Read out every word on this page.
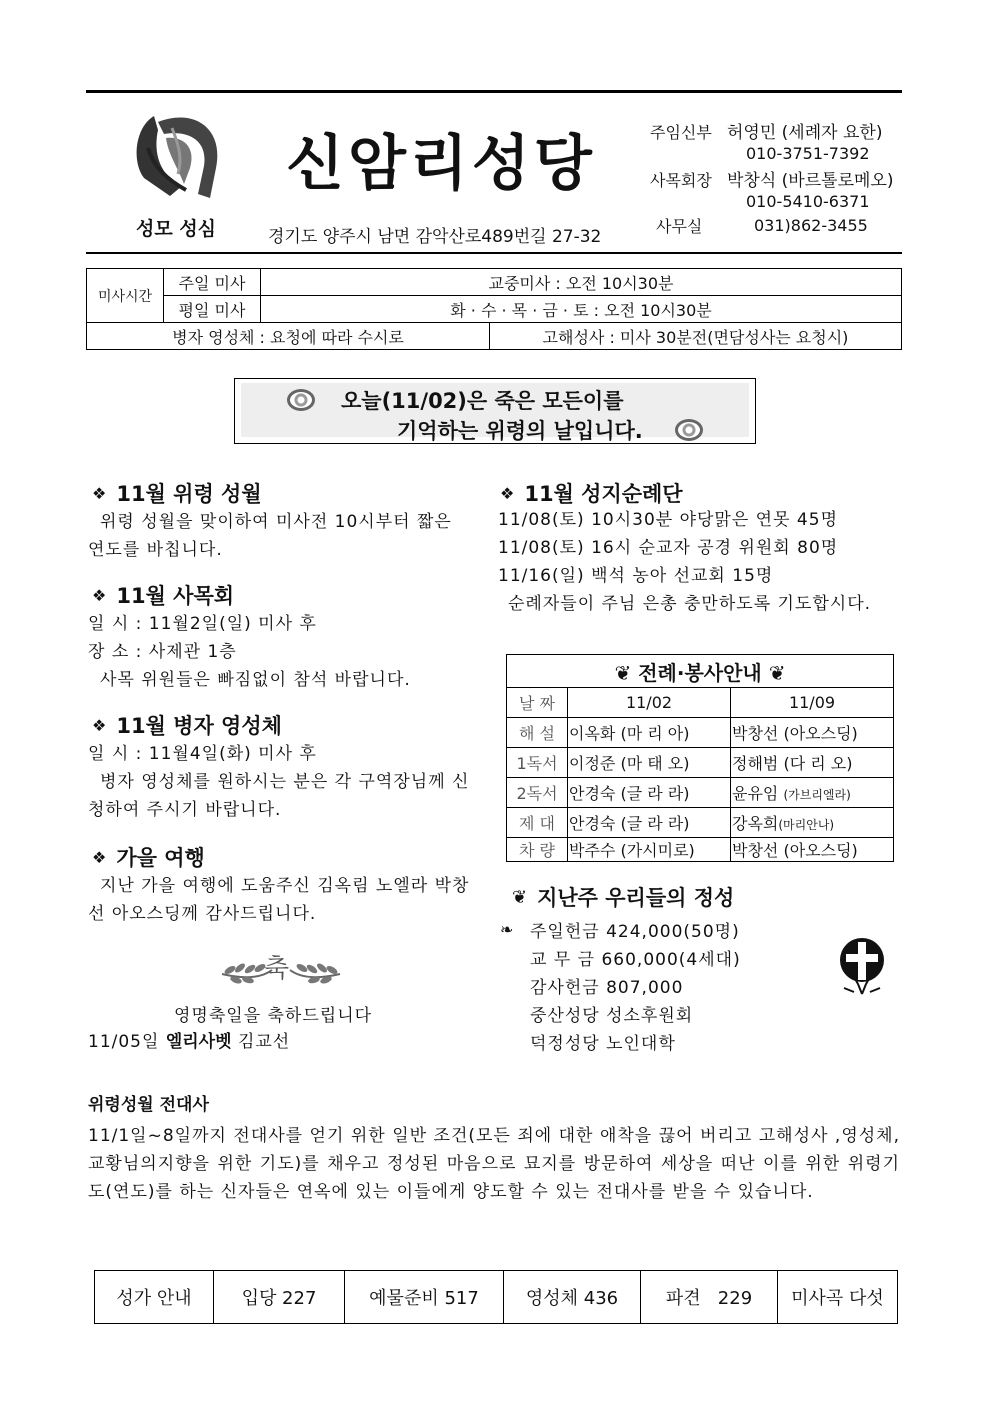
성모 성심
신암리성당
경기도 양주시 남면 감악산로489번길 27-32
주임신부 허영민 (세례자 요한)
010-3751-7392
사목회장 박창식 (바르톨로메오)
010-5410-6371
사무실	031)862-3455
미사시간	주일 미사	교중미사 : 오전 10시30분	
	평일 미사	화 · 수 · 목 · 금 · 토 : 오전 10시30분	
병자 영성체 : 요청에 따라 수시로			고해성사 : 미사 30분전(면담성사는 요청시)
오늘(11/02)은 죽은 모든이를
기억하는 위령의 날입니다.
❖ 11월 위령 성월
위령 성월을 맞이하여 미사전 10시부터 짧은 연도를 바칩니다.
❖ 11월 사목회
일 시 : 11월2일(일) 미사 후
장 소 : 사제관 1층
사목 위원들은 빠짐없이 참석 바랍니다.
❖ 11월 병자 영성체
일 시 : 11월4일(화) 미사 후
병자 영성체를 원하시는 분은 각 구역장님께 신청하여 주시기 바랍니다.
❖ 가을 여행
지난 가을 여행에 도움주신 김옥림 노엘라 박창선 아오스딩께 감사드립니다.
축
영명축일을 축하드립니다
11/05일 엘리사벳 김교선
❖ 11월 성지순례단
11/08(토) 10시30분 야당맑은 연못 45명
11/08(토) 16시 순교자 공경 위원회 80명
11/16(일) 백석 농아 선교회 15명
순례자들이 주님 은총 충만하도록 기도합시다.
❦ 전례·봉사안내 ❦		
날 짜	11/02	11/09
해 설	이옥화 (마 리 아)	박창선 (아오스딩)
1독서	이정준 (마 태 오)	정해범 (다 리 오)
2독서	안경숙 (글 라 라)	윤유임 (가브리엘라)
제 대	안경숙 (글 라 라)	강옥희(마리안나)
차 량	박주수 (가시미로)	박창선 (아오스딩)
❦ 지난주 우리들의 정성
❧ 주일헌금 424,000(50명)
교 무 금 660,000(4세대)
감사헌금 807,000
중산성당 성소후원회
덕정성당 노인대학
위령성월 전대사
11/1일~8일까지 전대사를 얻기 위한 일반 조건(모든 죄에 대한 애착을 끊어 버리고 고해성사 ,영성체, 교황님의지향을 위한 기도)를 채우고 정성된 마음으로 묘지를 방문하여 세상을 떠난 이를 위한 위령기도(연도)를 하는 신자들은 연옥에 있는 이들에게 양도할 수 있는 전대사를 받을 수 있습니다.
성가 안내	입당 227	예물준비 517	영성체 436	파견   229	미사곡 다섯
